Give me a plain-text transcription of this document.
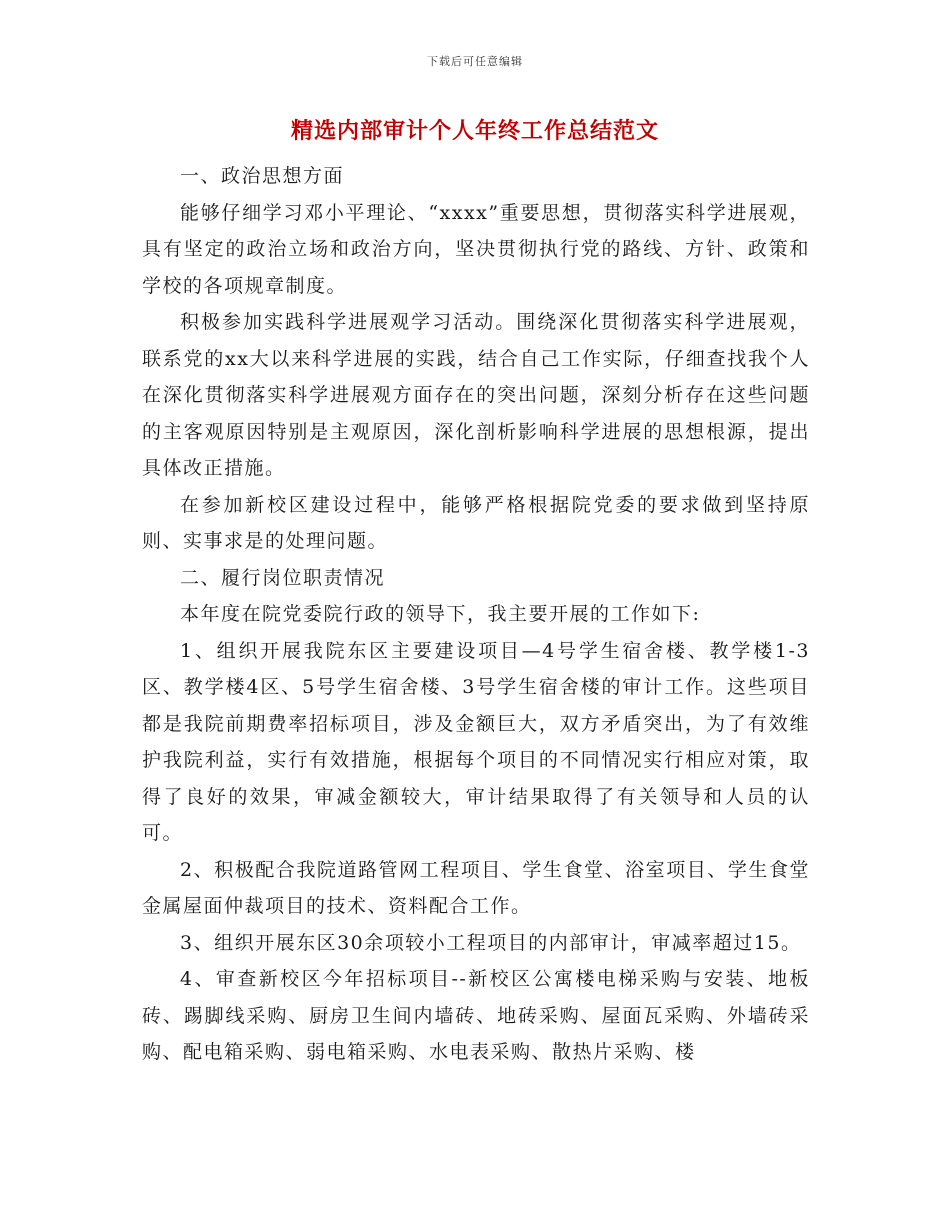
下载后可任意编辑
精选内部审计个人年终工作总结范文

一、政治思想方面

能够仔细学习邓小平理论、“xxxx”重要思想，贯彻落实科学进展观，具有坚定的政治立场和政治方向，坚决贯彻执行党的路线、方针、政策和学校的各项规章制度。

积极参加实践科学进展观学习活动。围绕深化贯彻落实科学进展观，联系党的xx大以来科学进展的实践，结合自己工作实际，仔细查找我个人在深化贯彻落实科学进展观方面存在的突出问题，深刻分析存在这些问题的主客观原因特别是主观原因，深化剖析影响科学进展的思想根源，提出具体改正措施。

在参加新校区建设过程中，能够严格根据院党委的要求做到坚持原则、实事求是的处理问题。

二、履行岗位职责情况

本年度在院党委院行政的领导下，我主要开展的工作如下:

1、组织开展我院东区主要建设项目—4号学生宿舍楼、教学楼1-3区、教学楼4区、5号学生宿舍楼、3号学生宿舍楼的审计工作。这些项目都是我院前期费率招标项目，涉及金额巨大，双方矛盾突出，为了有效维护我院利益，实行有效措施，根据每个项目的不同情况实行相应对策，取得了良好的效果，审减金额较大，审计结果取得了有关领导和人员的认可。

2、积极配合我院道路管网工程项目、学生食堂、浴室项目、学生食堂金属屋面仲裁项目的技术、资料配合工作。

3、组织开展东区30余项较小工程项目的内部审计，审减率超过15。

4、审查新校区今年招标项目--新校区公寓楼电梯采购与安装、地板砖、踢脚线采购、厨房卫生间内墙砖、地砖采购、屋面瓦采购、外墙砖采购、配电箱采购、弱电箱采购、水电表采购、散热片采购、楼
